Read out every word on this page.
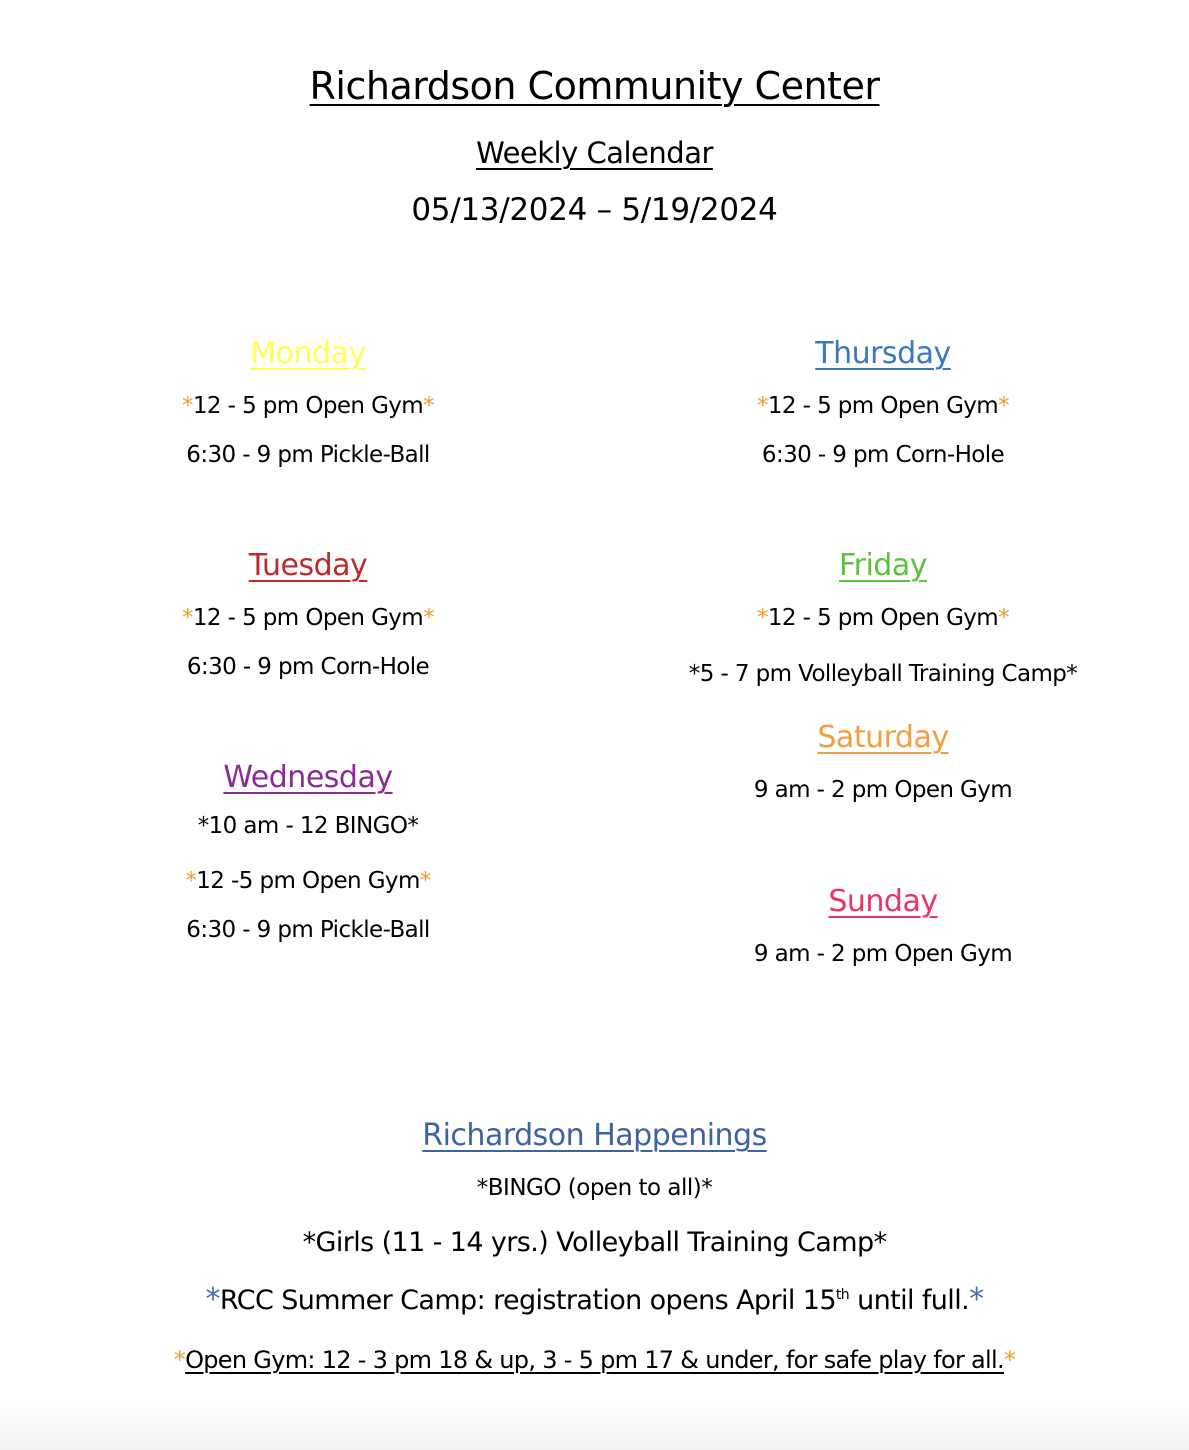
Richardson Community Center
Weekly Calendar
05/13/2024 – 5/19/2024
Monday
*12 - 5 pm Open Gym*
6:30 - 9 pm Pickle-Ball
Tuesday
*12 - 5 pm Open Gym*
6:30 - 9 pm Corn-Hole
Wednesday
*10 am - 12 BINGO*
*12 -5 pm Open Gym*
6:30 - 9 pm Pickle-Ball
Thursday
*12 - 5 pm Open Gym*
6:30 - 9 pm Corn-Hole
Friday
*12 - 5 pm Open Gym*
*5 - 7 pm Volleyball Training Camp*
Saturday
9 am - 2 pm Open Gym
Sunday
9 am - 2 pm Open Gym
Richardson Happenings
*BINGO (open to all)*
*Girls (11 - 14 yrs.) Volleyball Training Camp*
*RCC Summer Camp: registration opens April 15th until full.*
*Open Gym: 12 - 3 pm 18 & up, 3 - 5 pm 17 & under, for safe play for all.*
